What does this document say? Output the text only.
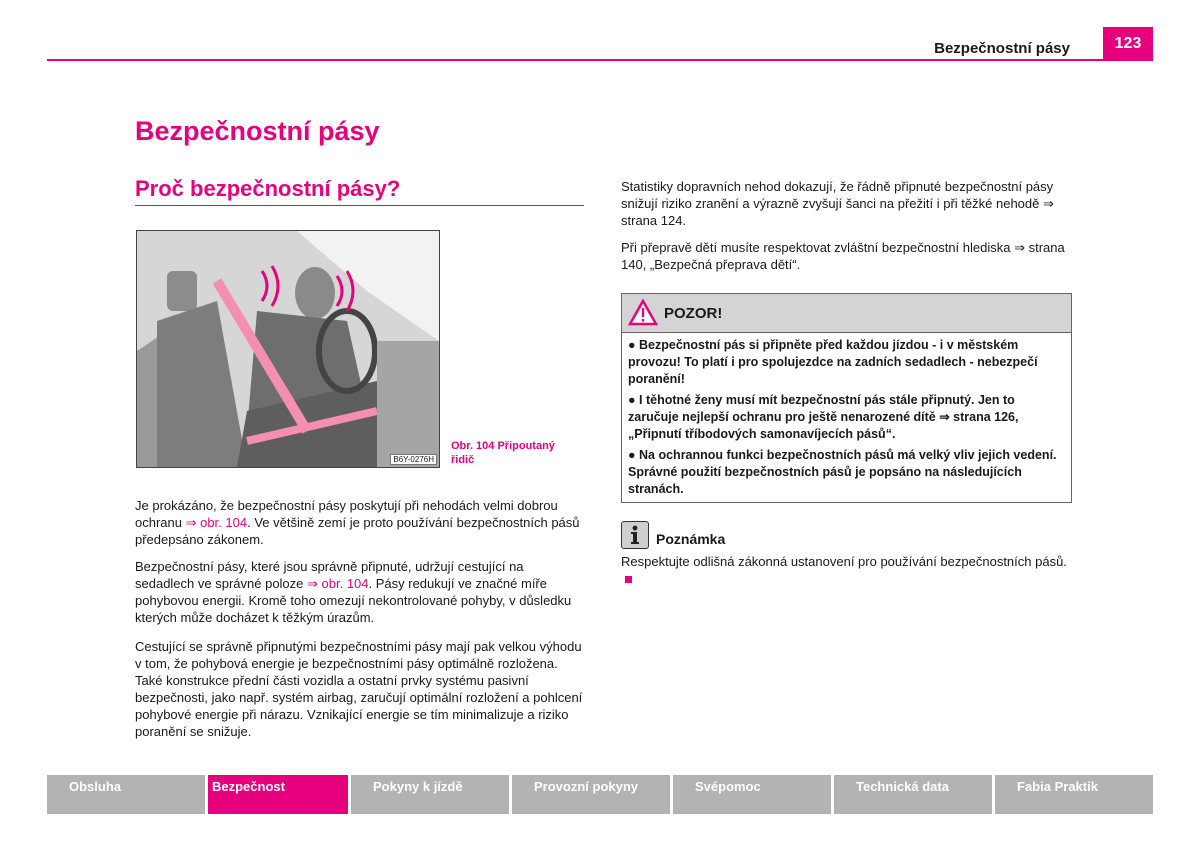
Bezpečnostní pásy	123
Bezpečnostní pásy
Proč bezpečnostní pásy?
B6Y-0276H
Obr. 104 Připoutaný
řidič
Je prokázáno, že bezpečnostní pásy poskytují při nehodách velmi dobrou ochranu ⇒ obr. 104. Ve většině zemí je proto používání bezpečnostních pásů předepsáno zákonem.
Bezpečnostní pásy, které jsou správně připnuté, udržují cestující na sedadlech ve správné poloze ⇒ obr. 104. Pásy redukují ve značné míře pohybovou energii. Kromě toho omezují nekontrolované pohyby, v důsledku kterých může docházet k těžkým úrazům.
Cestující se správně připnutými bezpečnostními pásy mají pak velkou výhodu v tom, že pohybová energie je bezpečnostními pásy optimálně rozložena. Také konstrukce přední části vozidla a ostatní prvky systému pasivní bezpečnosti, jako např. systém airbag, zaručují optimální rozložení a pohlcení pohybové energie při nárazu. Vznikající energie se tím minimalizuje a riziko poranění se snižuje.
Statistiky dopravních nehod dokazují, že řádně připnuté bezpečnostní pásy snižují riziko zranění a výrazně zvyšují šanci na přežití i při těžké nehodě ⇒ strana 124.
Při přepravě dětí musíte respektovat zvláštní bezpečnostní hlediska ⇒ strana 140, „Bezpečná přeprava dětí“.
POZOR!
● Bezpečnostní pás si připněte před každou jízdou - i v městském provozu! To platí i pro spolujezdce na zadních sedadlech - nebezpečí poranění!
● I těhotné ženy musí mít bezpečnostní pás stále připnutý. Jen to zaručuje nejlepší ochranu pro ještě nenarozené dítě ⇒ strana 126, „Připnutí tříbodových samonavíjecích pásů“.
● Na ochrannou funkci bezpečnostních pásů má velký vliv jejich vedení. Správné použití bezpečnostních pásů je popsáno na následujících stranách.
Poznámka
Respektujte odlišná zákonná ustanovení pro používání bezpečnostních pásů.
Obsluha	Bezpečnost	Pokyny k jízdě	Provozní pokyny	Svépomoc	Technická data	Fabia Praktik
